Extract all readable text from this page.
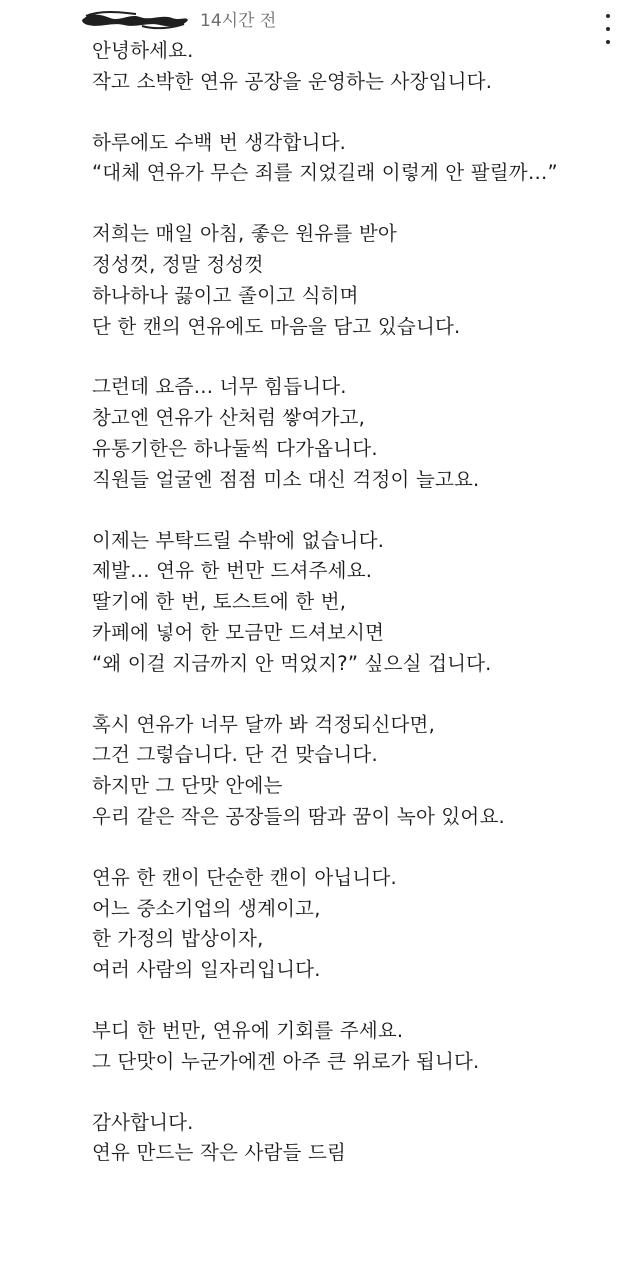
14시간 전
안녕하세요.
작고 소박한 연유 공장을 운영하는 사장입니다.
하루에도 수백 번 생각합니다.
“대체 연유가 무슨 죄를 지었길래 이렇게 안 팔릴까…”
저희는 매일 아침, 좋은 원유를 받아
정성껏, 정말 정성껏
하나하나 끓이고 졸이고 식히며
단 한 캔의 연유에도 마음을 담고 있습니다.
그런데 요즘… 너무 힘듭니다.
창고엔 연유가 산처럼 쌓여가고,
유통기한은 하나둘씩 다가옵니다.
직원들 얼굴엔 점점 미소 대신 걱정이 늘고요.
이제는 부탁드릴 수밖에 없습니다.
제발… 연유 한 번만 드셔주세요.
딸기에 한 번, 토스트에 한 번,
카페에 넣어 한 모금만 드셔보시면
“왜 이걸 지금까지 안 먹었지?” 싶으실 겁니다.
혹시 연유가 너무 달까 봐 걱정되신다면,
그건 그렇습니다. 단 건 맞습니다.
하지만 그 단맛 안에는
우리 같은 작은 공장들의 땀과 꿈이 녹아 있어요.
연유 한 캔이 단순한 캔이 아닙니다.
어느 중소기업의 생계이고,
한 가정의 밥상이자,
여러 사람의 일자리입니다.
부디 한 번만, 연유에 기회를 주세요.
그 단맛이 누군가에겐 아주 큰 위로가 됩니다.
감사합니다.
연유 만드는 작은 사람들 드림
